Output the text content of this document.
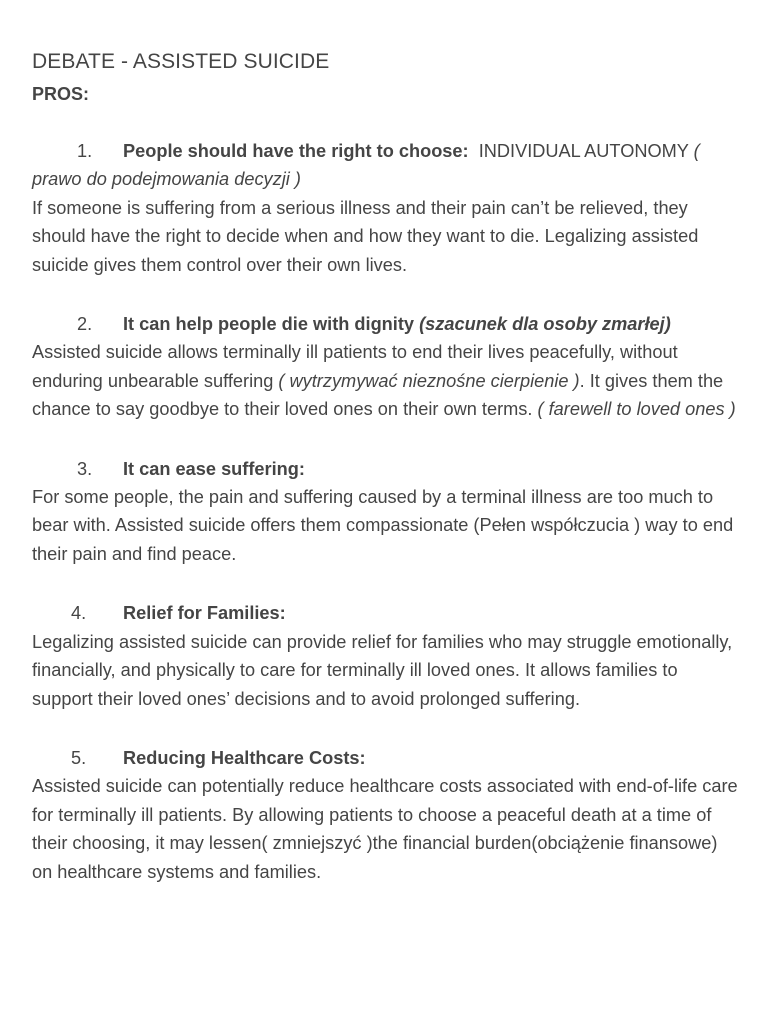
DEBATE - ASSISTED SUICIDE
PROS:

1. People should have the right to choose: INDIVIDUAL AUTONOMY ( prawo do podejmowania decyzji )
If someone is suffering from a serious illness and their pain can’t be relieved, they should have the right to decide when and how they want to die. Legalizing assisted suicide gives them control over their own lives.

2. It can help people die with dignity (szacunek dla osoby zmarłej)
Assisted suicide allows terminally ill patients to end their lives peacefully, without enduring unbearable suffering ( wytrzymywać nieznośne cierpienie ). It gives them the chance to say goodbye to their loved ones on their own terms. ( farewell to loved ones )

3. It can ease suffering:
For some people, the pain and suffering caused by a terminal illness are too much to bear with. Assisted suicide offers them compassionate (Pełen współczucia ) way to end their pain and find peace.

4. Relief for Families:
Legalizing assisted suicide can provide relief for families who may struggle emotionally, financially, and physically to care for terminally ill loved ones. It allows families to support their loved ones’ decisions and to avoid prolonged suffering.

5. Reducing Healthcare Costs:
Assisted suicide can potentially reduce healthcare costs associated with end-of-life care for terminally ill patients. By allowing patients to choose a peaceful death at a time of their choosing, it may lessen( zmniejszyć )the financial burden(obciążenie finansowe) on healthcare systems and families.
